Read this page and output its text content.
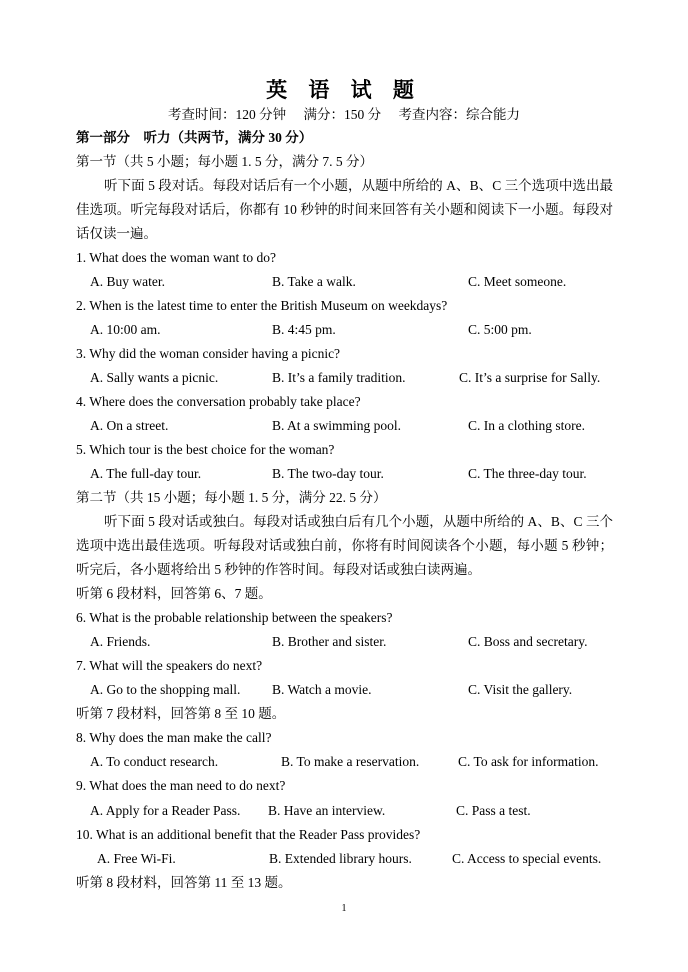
英 语 试 题
考查时间：120 分钟 满分：150 分 考查内容：综合能力
第一部分　听力（共两节，满分 30 分）
第一节（共 5 小题；每小题 1. 5 分，满分 7. 5 分）
听下面 5 段对话。每段对话后有一个小题，从题中所给的 A、B、C 三个选项中选出最佳选项。听完每段对话后，你都有 10 秒钟的时间来回答有关小题和阅读下一小题。每段对话仅读一遍。
1. What does the woman want to do?
A. Buy water.	B. Take a walk.	C. Meet someone.
2. When is the latest time to enter the British Museum on weekdays?
A. 10:00 am.	B. 4:45 pm.	C. 5:00 pm.
3. Why did the woman consider having a picnic?
A. Sally wants a picnic.	B. It’s a family tradition.	C. It’s a surprise for Sally.
4. Where does the conversation probably take place?
A. On a street.	B. At a swimming pool.	C. In a clothing store.
5. Which tour is the best choice for the woman?
A. The full-day tour.	B. The two-day tour.	C. The three-day tour.
第二节（共 15 小题；每小题 1. 5 分，满分 22. 5 分）
听下面 5 段对话或独白。每段对话或独白后有几个小题，从题中所给的 A、B、C 三个选项中选出最佳选项。听每段对话或独白前，你将有时间阅读各个小题，每小题 5 秒钟；听完后，各小题将给出 5 秒钟的作答时间。每段对话或独白读两遍。
听第 6 段材料，回答第 6、7 题。
6. What is the probable relationship between the speakers?
A. Friends.	B. Brother and sister.	C. Boss and secretary.
7. What will the speakers do next?
A. Go to the shopping mall. B. Watch a movie.	C. Visit the gallery.
听第 7 段材料，回答第 8 至 10 题。
8. Why does the man make the call?
A. To conduct research.	B. To make a reservation.	C. To ask for information.
9. What does the man need to do next?
A. Apply for a Reader Pass. B. Have an interview.	C. Pass a test.
10. What is an additional benefit that the Reader Pass provides?
A. Free Wi-Fi.	B. Extended library hours.	C. Access to special events.
听第 8 段材料，回答第 11 至 13 题。
1
